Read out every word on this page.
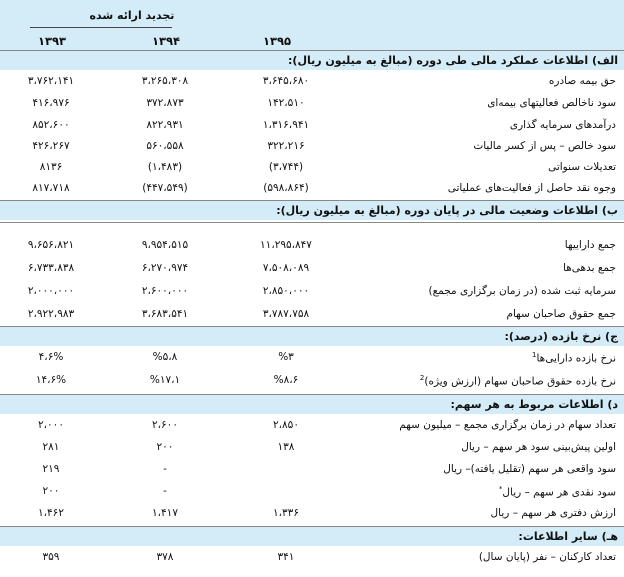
تجدید ارائه شده
۱۳۹۵
۱۳۹۴
۱۳۹۳
الف) اطلاعات عملکرد مالی طی دوره (مبالغ به میلیون ریال):
حق بیمه صادره
۳،۶۴۵،۶۸۰
۳،۲۶۵،۳۰۸
۳،۷۶۲،۱۴۱
سود ناخالص فعالیتهای بیمه‌ای
۱۴۲،۵۱۰
۳۷۲،۸۷۳
۴۱۶،۹۷۶
درآمدهای سرمایه گذاری
۱،۳۱۶،۹۴۱
۸۲۲،۹۳۱
۸۵۲،۶۰۰
سود خالص – پس از کسر مالیات
۳۲۲،۲۱۶
۵۶۰،۵۵۸
۴۲۶،۲۶۷
تعدیلات سنواتی
(۳،۷۴۴)
(۱،۴۸۳)
۸۱۳۶
وجوه نقد حاصل از فعالیت‌های عملیاتی
(۵۹۸،۸۶۴)
(۴۴۷،۵۴۹)
۸۱۷،۷۱۸
ب) اطلاعات وضعیت مالی در پایان دوره (مبالغ به میلیون ریال):
جمع داراییها
۱۱،۲۹۵،۸۴۷
۹،۹۵۴،۵۱۵
۹،۶۵۶،۸۲۱
جمع بدهی‌ها
۷،۵۰۸،۰۸۹
۶،۲۷۰،۹۷۴
۶،۷۳۳،۸۳۸
سرمایه ثبت شده (در زمان برگزاری مجمع)
۲،۸۵۰،۰۰۰
۲،۶۰۰،۰۰۰
۲،۰۰۰،۰۰۰
جمع حقوق صاحبان سهام
۳،۷۸۷،۷۵۸
۳،۶۸۳،۵۴۱
۲،۹۲۲،۹۸۳
ج) نرخ بازده (درصد):
نرخ بازده دارایی‌ها$^1$
%۳
%۵،۸
۴،۶%
نرخ بازده حقوق صاحبان سهام (ارزش ویژه)$^2$
%۸،۶
%۱۷،۱
۱۴،۶%
د) اطلاعات مربوط به هر سهم:
تعداد سهام در زمان برگزاری مجمع – میلیون سهم
۲،۸۵۰
۲،۶۰۰
۲،۰۰۰
اولین پیش‌بینی سود هر سهم – ریال
۱۳۸
۲۰۰
۲۸۱
سود واقعی هر سهم (تقلیل یافته)– ریال
-
۲۱۹
سود نقدی هر سهم – ریال*
-
۲۰۰
ارزش دفتری هر سهم – ریال
۱،۳۳۶
۱،۴۱۷
۱،۴۶۲
هـ) سایر اطلاعات:
تعداد کارکنان – نفر (پایان سال)
۳۴۱
۳۷۸
۳۵۹
